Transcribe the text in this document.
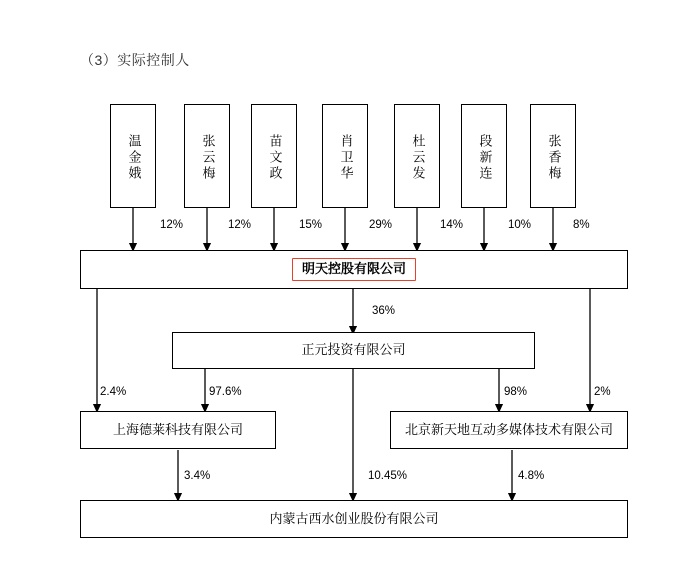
（3）实际控制人
温金娥	张云梅	苗文政	肖卫华	杜云发	段新连	张香梅
12%	12%	15%	29%	14%	10%	8%
明天控股有限公司
36%
正元投资有限公司
2.4%	97.6%	98%	2%
上海德莱科技有限公司	北京新天地互动多媒体技术有限公司
3.4%	10.45%	4.8%
内蒙古西水创业股份有限公司
